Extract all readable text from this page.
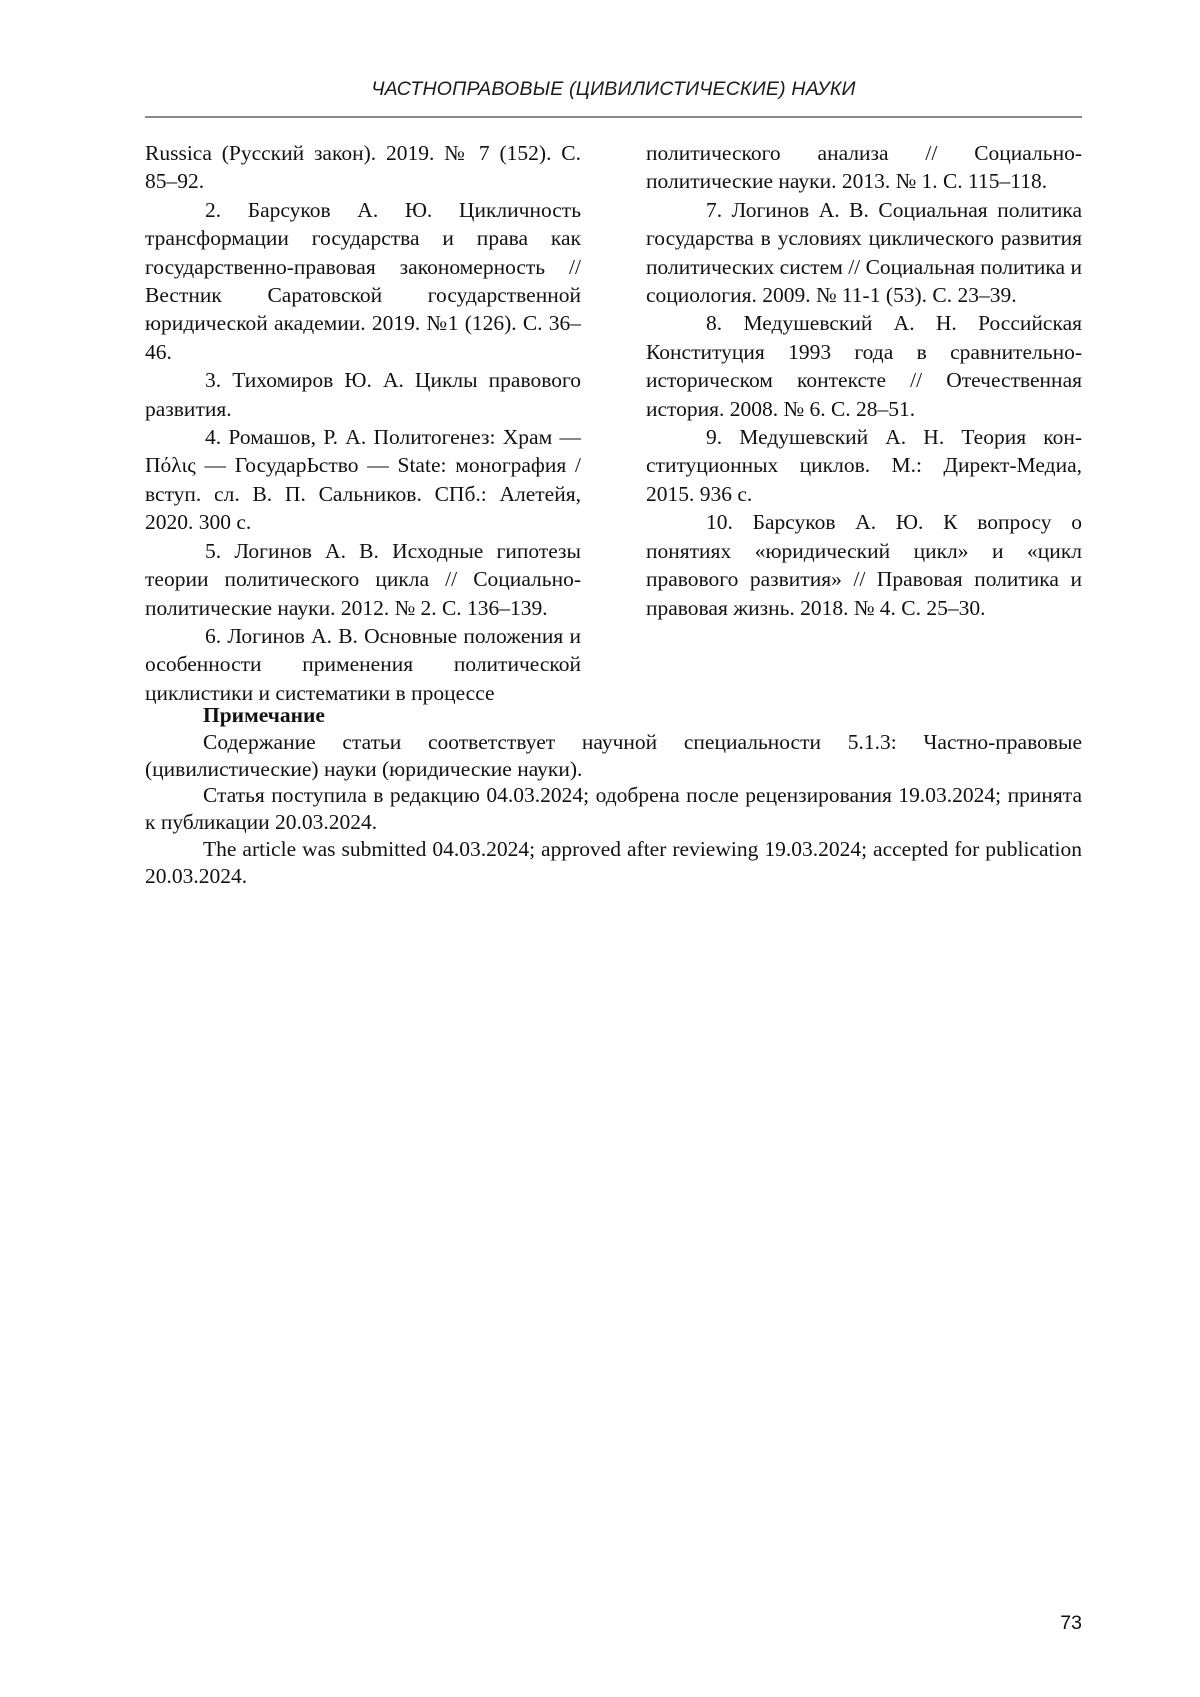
ЧАСТНОПРАВОВЫЕ (ЦИВИЛИСТИЧЕСКИЕ) НАУКИ

Russica (Русский закон). 2019. № 7 (152). С. 85–92.

2. Барсуков А. Ю. Цикличность трансформации государства и права как государственно-правовая закономерность // Вестник Саратовской государственной юридической академии. 2019. №1 (126). С. 36–46.

3. Тихомиров Ю. А. Циклы правового развития.

4. Ромашов, Р. А. Политогенез: Храм — Πόλις — ГосударЬство — State: монография / вступ. сл. В. П. Сальников. СПб.: Алетейя, 2020. 300 с.

5. Логинов А. В. Исходные гипотезы теории политического цикла // Социально-политические науки. 2012. № 2. С. 136–139.

6. Логинов А. В. Основные положения и особенности применения политической циклистики и систематики в процессе

политического анализа // Социально-политические науки. 2013. № 1. С. 115–118.

7. Логинов А. В. Социальная политика государства в условиях циклического развития политических систем // Социальная политика и социология. 2009. № 11-1 (53). С. 23–39.

8. Медушевский А. Н. Российская Конституция 1993 года в сравнительно-историческом контексте // Отечественная история. 2008. № 6. С. 28–51.

9. Медушевский А. Н. Теория конституционных циклов. М.: Директ-Медиа, 2015. 936 с.

10. Барсуков А. Ю. К вопросу о понятиях «юридический цикл» и «цикл правового развития» // Правовая политика и правовая жизнь. 2018. № 4. С. 25–30.

Примечание

Содержание статьи соответствует научной специальности 5.1.3: Частно-правовые (цивилистические) науки (юридические науки).

Статья поступила в редакцию 04.03.2024; одобрена после рецензирования 19.03.2024; принята к публикации 20.03.2024.

The article was submitted 04.03.2024; approved after reviewing 19.03.2024; accepted for publication 20.03.2024.

73
